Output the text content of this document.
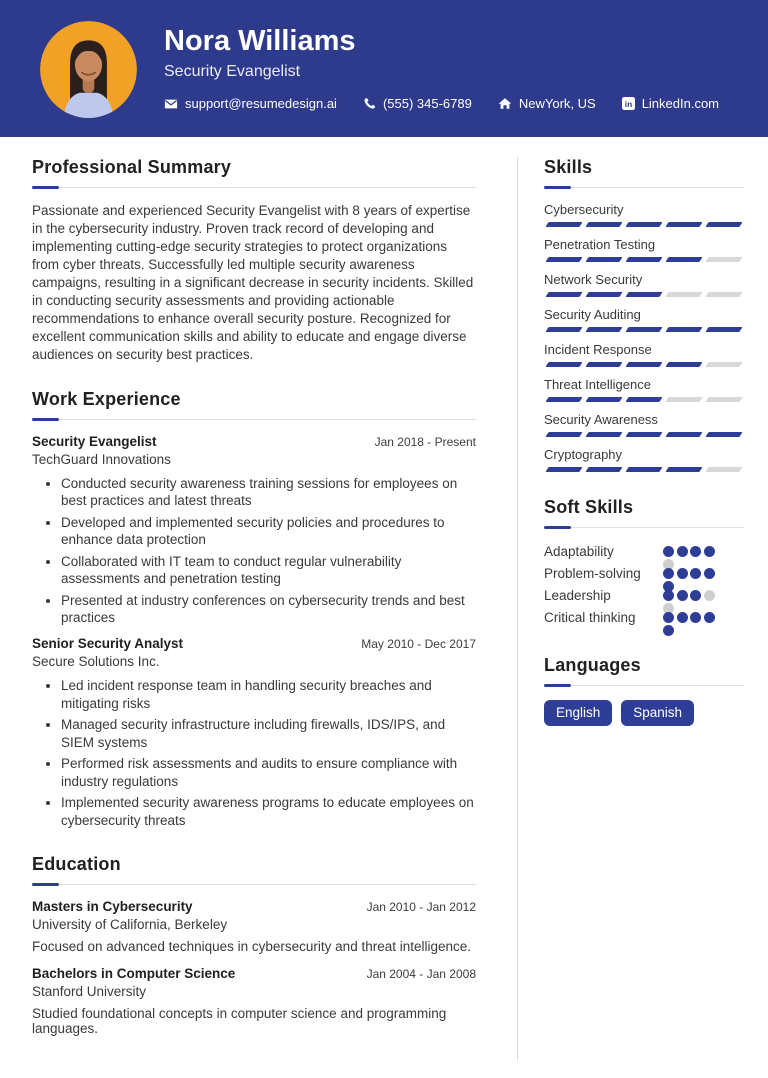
Nora Williams
Security Evangelist
support@resumedesign.ai	(555) 345-6789	NewYork, US	in LinkedIn.com
Professional Summary

Passionate and experienced Security Evangelist with 8 years of expertise in the cybersecurity industry. Proven track record of developing and implementing cutting-edge security strategies to protect organizations from cyber threats. Successfully led multiple security awareness campaigns, resulting in a significant decrease in security incidents. Skilled in conducting security assessments and providing actionable recommendations to enhance overall security posture. Recognized for excellent communication skills and ability to educate and engage diverse audiences on security best practices.

Work Experience
Security Evangelist	Jan 2018 - Present
TechGuard Innovations
• Conducted security awareness training sessions for employees on best practices and latest threats
• Developed and implemented security policies and procedures to enhance data protection
• Collaborated with IT team to conduct regular vulnerability assessments and penetration testing
• Presented at industry conferences on cybersecurity trends and best practices
Senior Security Analyst	May 2010 - Dec 2017
Secure Solutions Inc.
• Led incident response team in handling security breaches and mitigating risks
• Managed security infrastructure including firewalls, IDS/IPS, and SIEM systems
• Performed risk assessments and audits to ensure compliance with industry regulations
• Implemented security awareness programs to educate employees on cybersecurity threats
Education
Masters in Cybersecurity	Jan 2010 - Jan 2012
University of California, Berkeley

Focused on advanced techniques in cybersecurity and threat intelligence.

Bachelors in Computer Science	Jan 2004 - Jan 2008
Stanford University

Studied foundational concepts in computer science and programming languages.

Skills
Cybersecurity
Penetration Testing
Network Security
Security Auditing
Incident Response
Threat Intelligence
Security Awareness
Cryptography
Soft Skills
Adaptability
Problem-solving
Leadership
Critical thinking
Languages
English	Spanish
